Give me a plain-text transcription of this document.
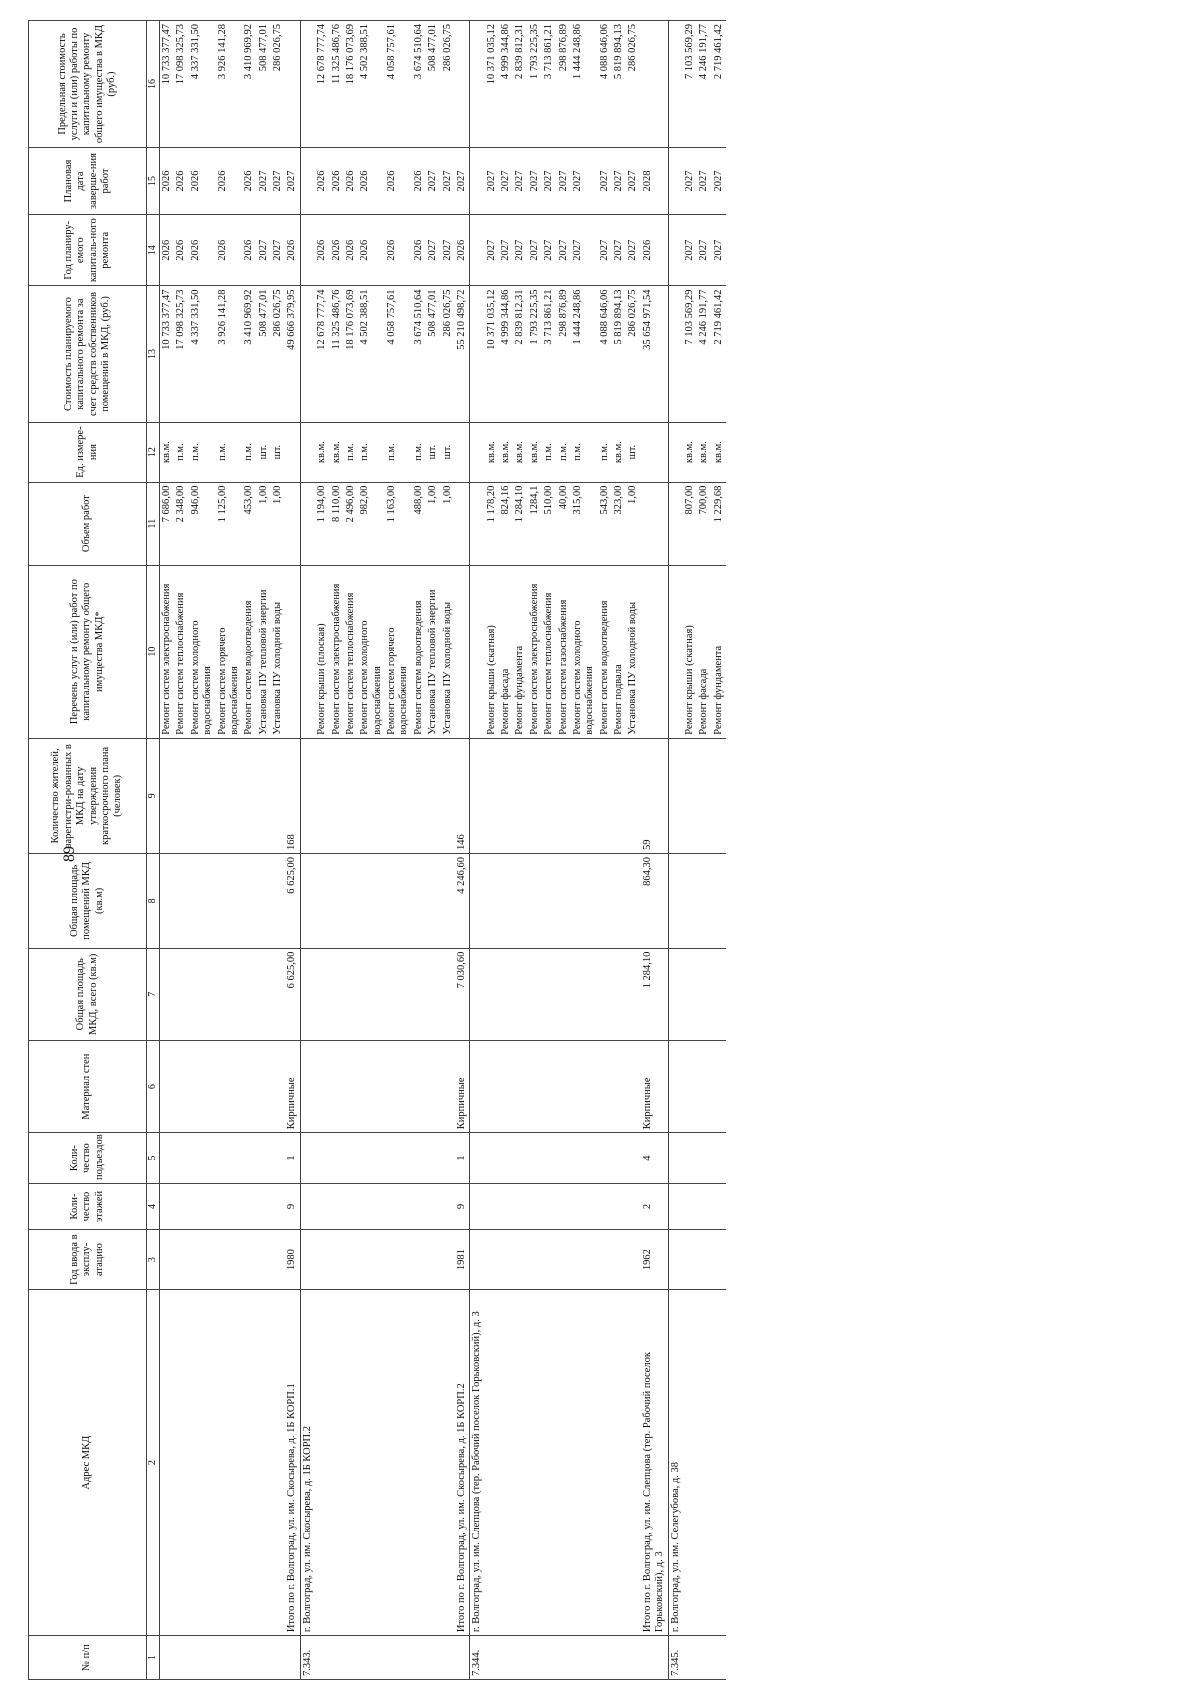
89
№ п/п	Адрес МКД	Год ввода в эксплу-атацию	Коли-чество этажей	Коли-чество подъездов	Материал стен	Общая площадь МКД, всего (кв.м)	Общая площадь помещений МКД (кв.м)	Количество жителей, зарегистри-рованных в МКД на дату утверждения краткосрочного плана (человек)	Перечень услуг и (или) работ по капитальному ремонту общего имущества МКД*	Объем работ	Ед. измере-ния	Стоимость планируемого капитального ремонта за счет средств собственников помещений в МКД, (руб.)	Год планиру-емого капиталь-ного ремонта	Плановая дата заверше-ния работ	Предельная стоимость услуги и (или) работы по капитальному ремонту общего имущества в МКД (руб.)
1	2	3	4	5	6	7	8	9	10	11	12	13	14	15	16
									Ремонт систем электроснабжения	7 686,00	кв.м.	10 733 377,47	2026	2026	10 733 377,47
									Ремонт систем теплоснабжения	2 348,00	п.м.	17 098 325,73	2026	2026	17 098 325,73
									Ремонт систем холодного водоснабжения	946,00	п.м.	4 337 331,50	2026	2026	4 337 331,50
									Ремонт систем горячего водоснабжения	1 125,00	п.м.	3 926 141,28	2026	2026	3 926 141,28
									Ремонт систем водоотведения	453,00	п.м.	3 410 969,92	2026	2026	3 410 969,92
									Установка ПУ тепловой энергии	1,00	шт.	508 477,01	2027	2027	508 477,01
									Установка ПУ холодной воды	1,00	шт.	286 026,75	2027	2027	286 026,75
	Итого по г. Волгоград, ул. им. Скосырева, д. 1Б КОРП.1	1980	9	1	Кирпичные	6 625,00	6 625,00	168				49 666 379,95	2026	2027	
7.343.	г. Волгоград, ул. им. Скосырева, д. 1Б КОРП.2														
									Ремонт крыши (плоская)	1 194,00	кв.м.	12 678 777,74	2026	2026	12 678 777,74
									Ремонт систем электроснабжения	8 110,00	кв.м.	11 325 486,76	2026	2026	11 325 486,76
									Ремонт систем теплоснабжения	2 496,00	п.м.	18 176 073,69	2026	2026	18 176 073,69
									Ремонт систем холодного водоснабжения	982,00	п.м.	4 502 388,51	2026	2026	4 502 388,51
									Ремонт систем горячего водоснабжения	1 163,00	п.м.	4 058 757,61	2026	2026	4 058 757,61
									Ремонт систем водоотведения	488,00	п.м.	3 674 510,64	2026	2026	3 674 510,64
									Установка ПУ тепловой энергии	1,00	шт.	508 477,01	2027	2027	508 477,01
									Установка ПУ холодной воды	1,00	шт.	286 026,75	2027	2027	286 026,75
	Итого по г. Волгоград, ул. им. Скосырева, д. 1Б КОРП.2	1981	9	1	Кирпичные	7 030,60	4 246,60	146				55 210 498,72	2026	2027	
7.344.	г. Волгоград, ул. им. Слепцова (тер. Рабочий поселок Горьковский), д. 3														
									Ремонт крыши (скатная)	1 178,20	кв.м.	10 371 035,12	2027	2027	10 371 035,12
									Ремонт фасада	824,16	кв.м.	4 999 344,86	2027	2027	4 999 344,86
									Ремонт фундамента	1 284,10	кв.м.	2 839 812,31	2027	2027	2 839 812,31
									Ремонт систем электроснабжения	1284,1	кв.м.	1 793 225,35	2027	2027	1 793 225,35
									Ремонт систем теплоснабжения	510,00	п.м.	3 713 861,21	2027	2027	3 713 861,21
									Ремонт систем газоснабжения	40,00	п.м.	298 876,89	2027	2027	298 876,89
									Ремонт систем холодного водоснабжения	315,00	п.м.	1 444 248,86	2027	2027	1 444 248,86
									Ремонт систем водоотведения	543,00	п.м.	4 088 646,06	2027	2027	4 088 646,06
									Ремонт подвала	323,00	кв.м.	5 819 894,13	2027	2027	5 819 894,13
									Установка ПУ холодной воды	1,00	шт.	286 026,75	2027	2027	286 026,75
	Итого по г. Волгоград, ул. им. Слепцова (тер. Рабочий поселок Горьковский), д. 3	1962	2	4	Кирпичные	1 284,10	864,30	59				35 654 971,54	2026	2028	
7.345.	г. Волгоград, ул. им. Селегубова, д. 38														
									Ремонт крыши (скатная)	807,00	кв.м.	7 103 569,29	2027	2027	7 103 569,29
									Ремонт фасада	700,00	кв.м.	4 246 191,77	2027	2027	4 246 191,77
									Ремонт фундамента	1 229,68	кв.м.	2 719 461,42	2027	2027	2 719 461,42
